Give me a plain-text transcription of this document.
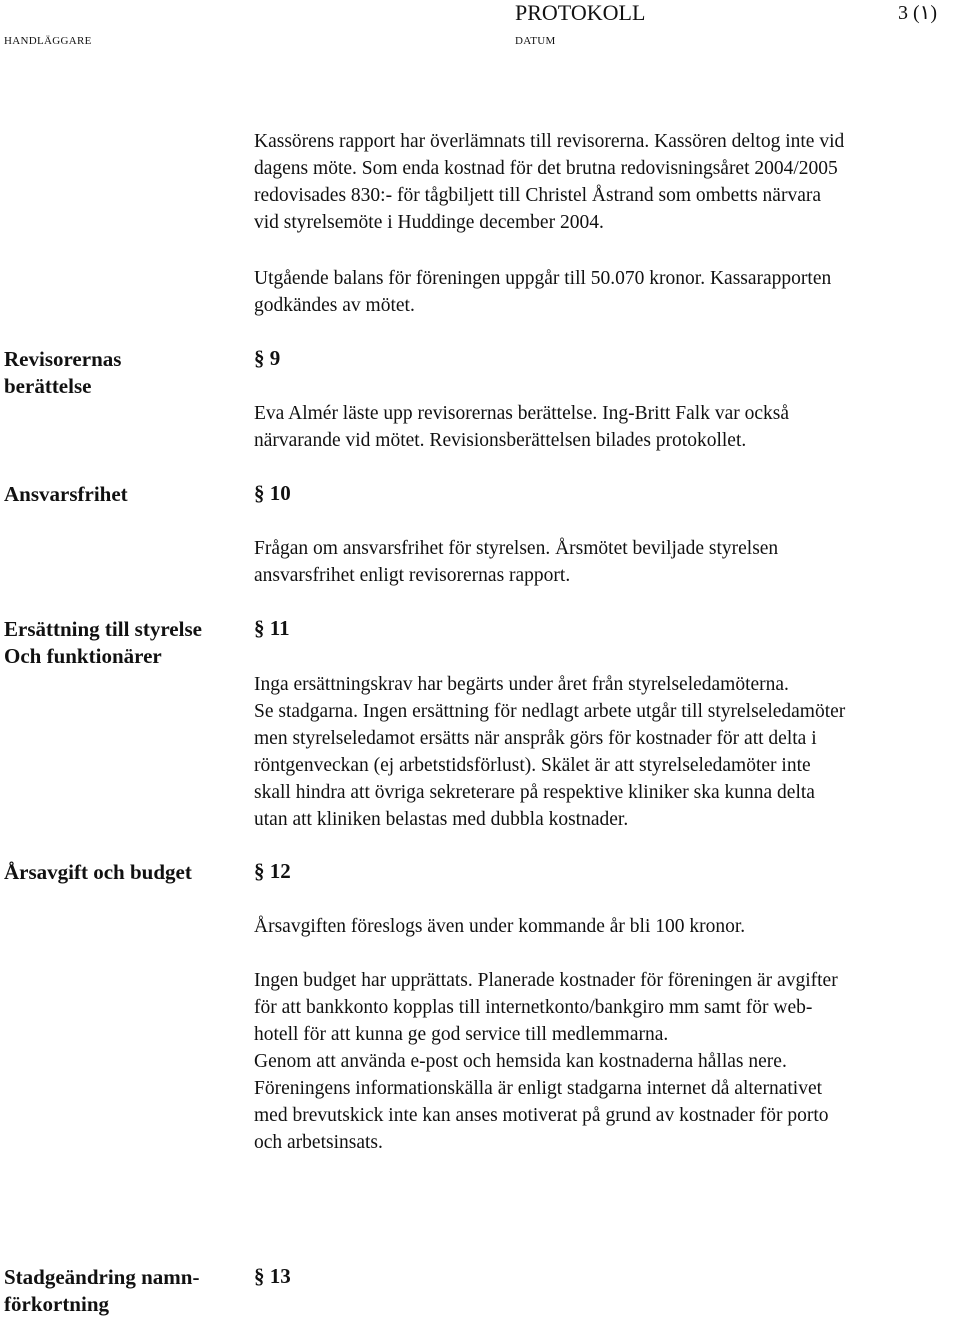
PROTOKOLL	3 (١)
HANDLÄGGARE	DATUM
Kassörens rapport har överlämnats till revisorerna. Kassören deltog inte vid
dagens möte. Som enda kostnad för det brutna redovisningsåret 2004/2005
redovisades 830:- för tågbiljett till Christel Åstrand som ombetts närvara
vid styrelsemöte i Huddinge december 2004.
Utgående balans för föreningen uppgår till 50.070 kronor. Kassarapporten
godkändes av mötet.
Revisorernas
berättelse
§ 9
Eva Almér läste upp revisorernas berättelse. Ing-Britt Falk var också
närvarande vid mötet. Revisionsberättelsen bilades protokollet.
Ansvarsfrihet	§ 10
Frågan om ansvarsfrihet för styrelsen. Årsmötet beviljade styrelsen
ansvarsfrihet enligt revisorernas rapport.
Ersättning till styrelse
Och funktionärer
§ 11
Inga ersättningskrav har begärts under året från styrelseledamöterna.
Se stadgarna. Ingen ersättning för nedlagt arbete utgår till styrelseledamöter
men styrelseledamot ersätts när anspråk görs för kostnader för att delta i
röntgenveckan (ej arbetstidsförlust). Skälet är att styrelseledamöter inte
skall hindra att övriga sekreterare på respektive kliniker ska kunna delta
utan att kliniken belastas med dubbla kostnader.
Årsavgift och budget	§ 12
Årsavgiften föreslogs även under kommande år bli 100 kronor.
Ingen budget har upprättats. Planerade kostnader för föreningen är avgifter
för att bankkonto kopplas till internetkonto/bankgiro mm samt för web-
hotell för att kunna ge god service till medlemmarna.
Genom att använda e-post och hemsida kan kostnaderna hållas nere.
Föreningens informationskälla är enligt stadgarna internet då alternativet
med brevutskick inte kan anses motiverat på grund av kostnader för porto
och arbetsinsats.
Stadgeändring namn-
förkortning
§ 13
